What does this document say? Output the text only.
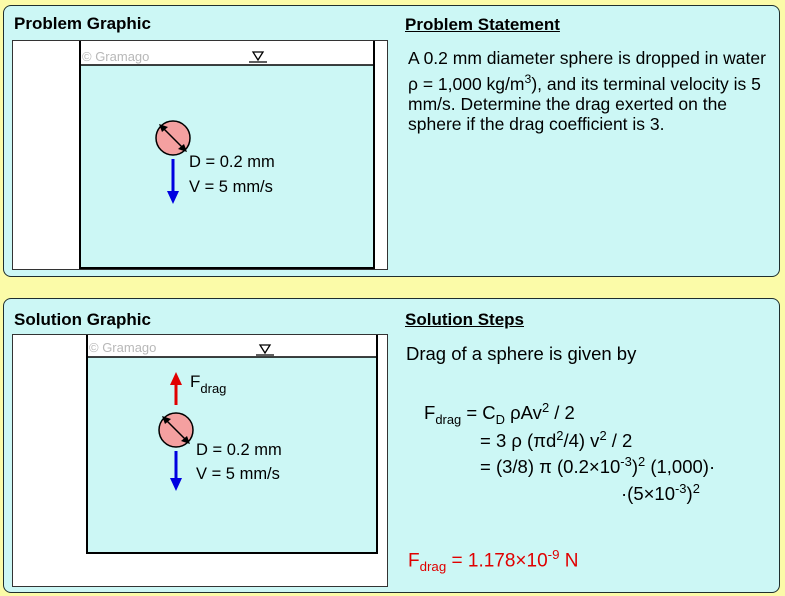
Problem Graphic	Problem Statement
© Gramago
D = 0.2 mm
V = 5 mm/s
A 0.2 mm diameter sphere is dropped in water ρ = 1,000 $kg/m^3$), and its terminal velocity is 5 mm/s. Determine the drag exerted on the sphere if the drag coefficient is 3.
Solution Graphic	Solution Steps
© Gramago
$F_{drag}$
D = 0.2 mm
V = 5 mm/s
Drag of a sphere is given by
$F_{drag} = C_D$ ρAv$^2$ / 2
= 3 ρ $(\pi d^2/4)$ $v^2 / 2$
= (3/8) π $(0.2\times 10^{-3})^2$ (1,000)·
$\cdot(5\times 10^{-3})^2$
$F_{drag} = 1.178\times 10^{-9}$ N
